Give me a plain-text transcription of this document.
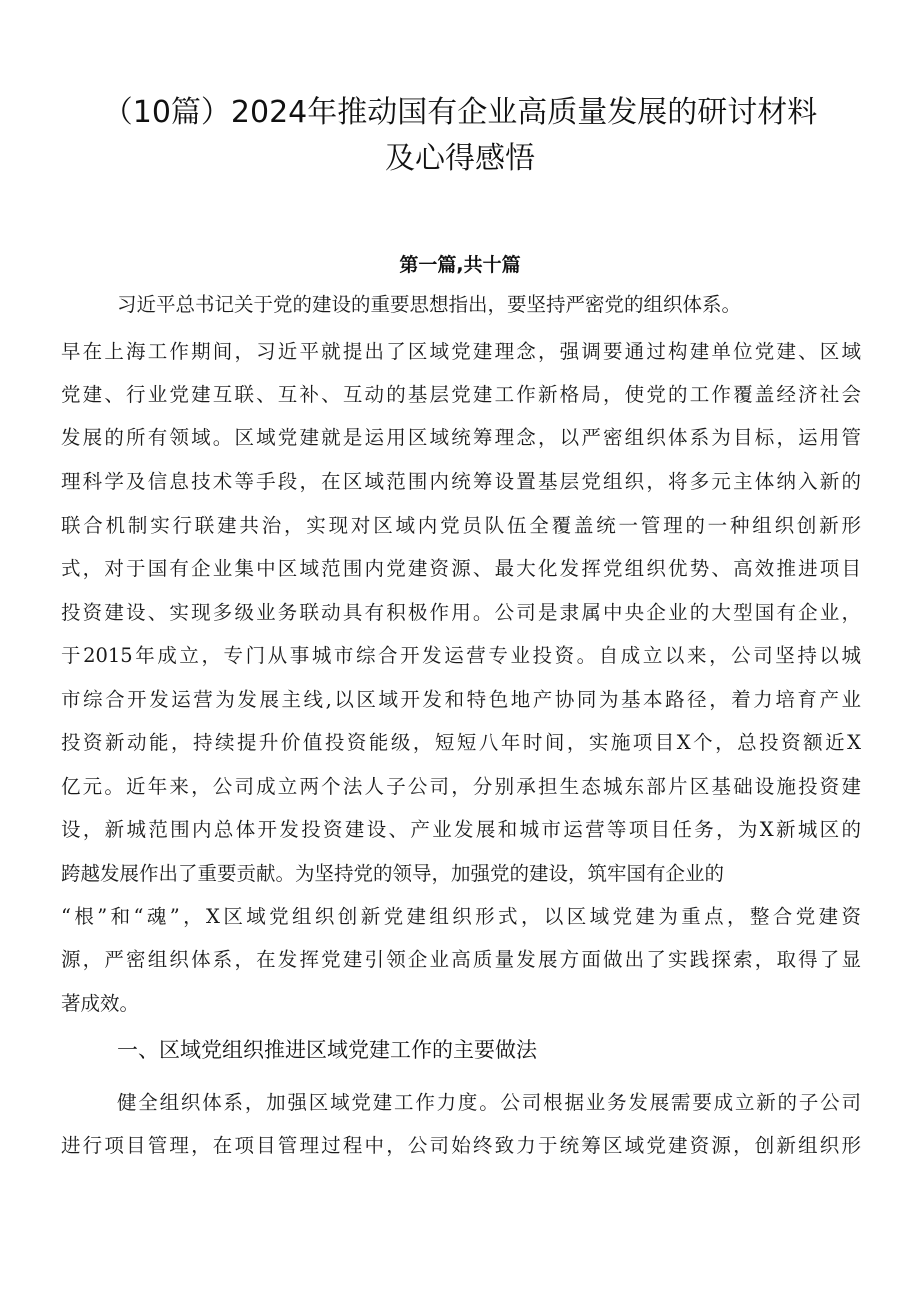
（10篇）2024年推动国有企业高质量发展的研讨材料
及心得感悟
第一篇,共十篇
习近平总书记关于党的建设的重要思想指出，要坚持严密党的组织体系。
早在上海工作期间，习近平就提出了区域党建理念，强调要通过构建单位党建、区域
党建、行业党建互联、互补、互动的基层党建工作新格局，使党的工作覆盖经济社会
发展的所有领域。区域党建就是运用区域统筹理念，以严密组织体系为目标，运用管
理科学及信息技术等手段，在区域范围内统筹设置基层党组织，将多元主体纳入新的
联合机制实行联建共治，实现对区域内党员队伍全覆盖统一管理的一种组织创新形
式，对于国有企业集中区域范围内党建资源、最大化发挥党组织优势、高效推进项目
投资建设、实现多级业务联动具有积极作用。公司是隶属中央企业的大型国有企业，
于2015年成立，专门从事城市综合开发运营专业投资。自成立以来，公司坚持以城
市综合开发运营为发展主线,以区域开发和特色地产协同为基本路径，着力培育产业
投资新动能，持续提升价值投资能级，短短八年时间，实施项目X个，总投资额近X
亿元。近年来，公司成立两个法人子公司，分别承担生态城东部片区基础设施投资建
设，新城范围内总体开发投资建设、产业发展和城市运营等项目任务，为X新城区的
跨越发展作出了重要贡献。为坚持党的领导，加强党的建设，筑牢国有企业的
“根”和“魂”，X区域党组织创新党建组织形式，以区域党建为重点，整合党建资
源，严密组织体系，在发挥党建引领企业高质量发展方面做出了实践探索，取得了显
著成效。
一、区域党组织推进区域党建工作的主要做法
健全组织体系，加强区域党建工作力度。公司根据业务发展需要成立新的子公司
进行项目管理，在项目管理过程中，公司始终致力于统筹区域党建资源，创新组织形
